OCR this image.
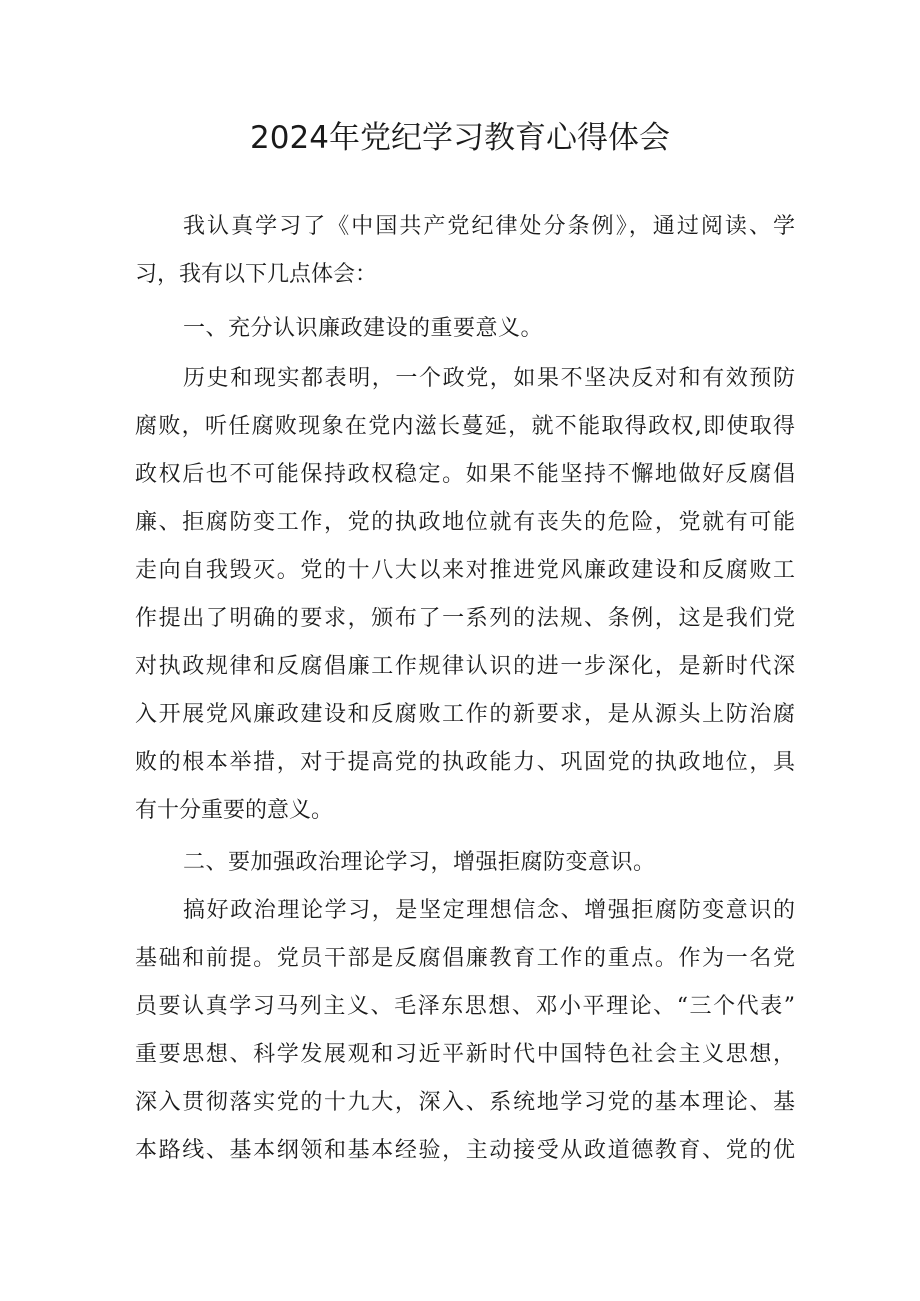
2024年党纪学习教育心得体会

我认真学习了《中国共产党纪律处分条例》，通过阅读、学

习，我有以下几点体会：

一、充分认识廉政建设的重要意义。

历史和现实都表明，一个政党，如果不坚决反对和有效预防

腐败，听任腐败现象在党内滋长蔓延，就不能取得政权,即使取得

政权后也不可能保持政权稳定。如果不能坚持不懈地做好反腐倡

廉、拒腐防变工作，党的执政地位就有丧失的危险，党就有可能

走向自我毁灭。党的十八大以来对推进党风廉政建设和反腐败工

作提出了明确的要求，颁布了一系列的法规、条例，这是我们党

对执政规律和反腐倡廉工作规律认识的进一步深化，是新时代深

入开展党风廉政建设和反腐败工作的新要求，是从源头上防治腐

败的根本举措，对于提高党的执政能力、巩固党的执政地位，具

有十分重要的意义。

二、要加强政治理论学习，增强拒腐防变意识。

搞好政治理论学习，是坚定理想信念、增强拒腐防变意识的

基础和前提。党员干部是反腐倡廉教育工作的重点。作为一名党

员要认真学习马列主义、毛泽东思想、邓小平理论、“三个代表”

重要思想、科学发展观和习近平新时代中国特色社会主义思想，

深入贯彻落实党的十九大，深入、系统地学习党的基本理论、基

本路线、基本纲领和基本经验，主动接受从政道德教育、党的优
